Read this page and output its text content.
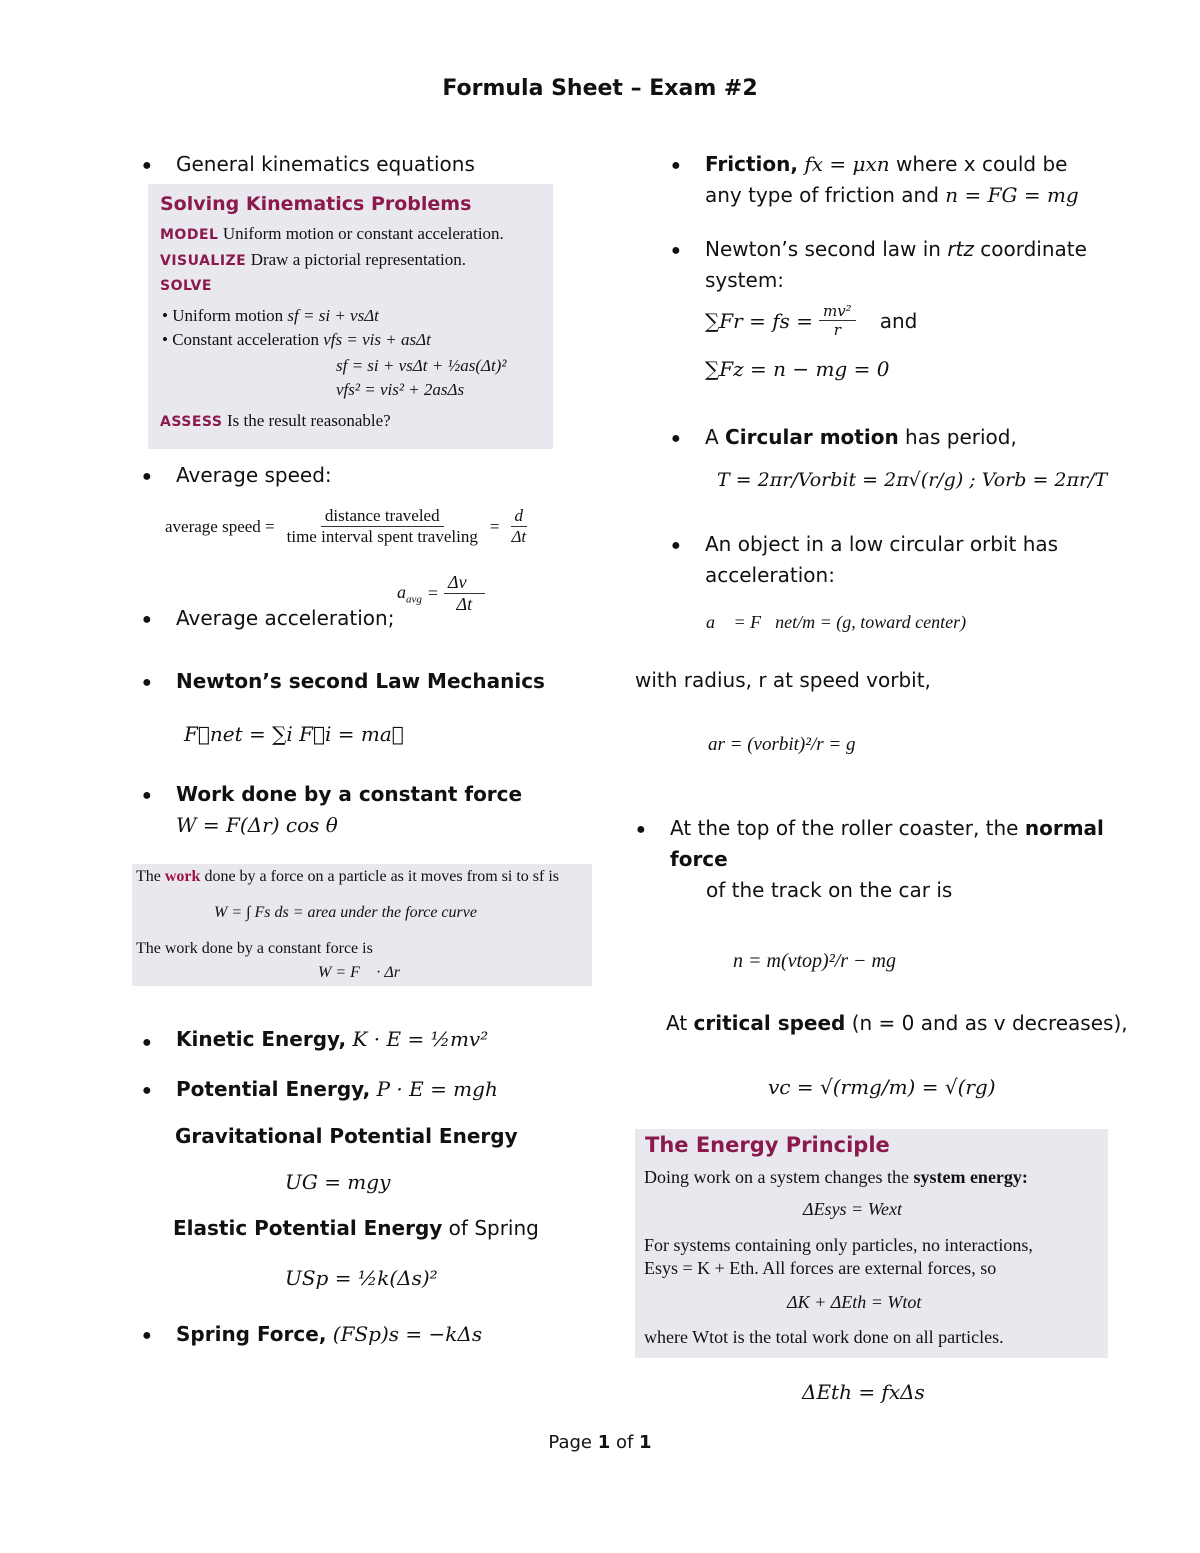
Formula Sheet – Exam #2
● General kinematics equations
Solving Kinematics Problems
MODEL Uniform motion or constant acceleration.
VISUALIZE Draw a pictorial representation.
SOLVE
• Uniform motion sf = si + vsΔt
• Constant acceleration vfs = vis + asΔt
sf = si + vsΔt + ½as(Δt)²
vfs² = vis² + 2asΔs
ASSESS Is the result reasonable?
● Average speed:
average speed = $\frac{\text{distance traveled}}{\text{time interval spent traveling}} = \frac{d}{\Delta t}$
● Average acceleration;
$a_{avg} = \frac{\Delta v⃗}{\Delta t}$
● Newton’s second Law Mechanics
F⃗net = ∑i F⃗i = ma⃗
● Work done by a constant force
W = F(Δr) cos θ
The work done by a force on a particle as it moves from si to sf is
W = ∫ Fs ds = area under the force curve
The work done by a constant force is
W = F⃗ · Δr⃗
● Kinetic Energy, K · E = ½mv²
● Potential Energy, P · E = mgh
Gravitational Potential Energy
UG = mgy
Elastic Potential Energy of Spring
USp = ½k(Δs)²
● Spring Force, (FSp)s = −kΔs
● Friction, fx = μxn where x could be
any type of friction and n = FG = mg
● Newton’s second law in rtz coordinate
system:
∑Fr = fs = $\frac{\text{mv²}}{r}$ and
∑Fz = n − mg = 0
● A Circular motion has period,
T = 2πr/Vorbit = 2π√(r/g) ; Vorb = 2πr/T
● An object in a low circular orbit has
acceleration:
a⃗ = F⃗net/m = (g, toward center)
with radius, r at speed vorbit,
ar = (vorbit)²/r = g
● At the top of the roller coaster, the normal
force
of the track on the car is
n = m(vtop)²/r − mg
At critical speed (n = 0 and as v decreases),
vc = √(rmg/m) = √(rg)
The Energy Principle
Doing work on a system changes the system energy:
ΔEsys = Wext
For systems containing only particles, no interactions,
Esys = K + Eth. All forces are external forces, so
ΔK + ΔEth = Wtot
where Wtot is the total work done on all particles.
ΔEth = fxΔs
Page 1 of 1
